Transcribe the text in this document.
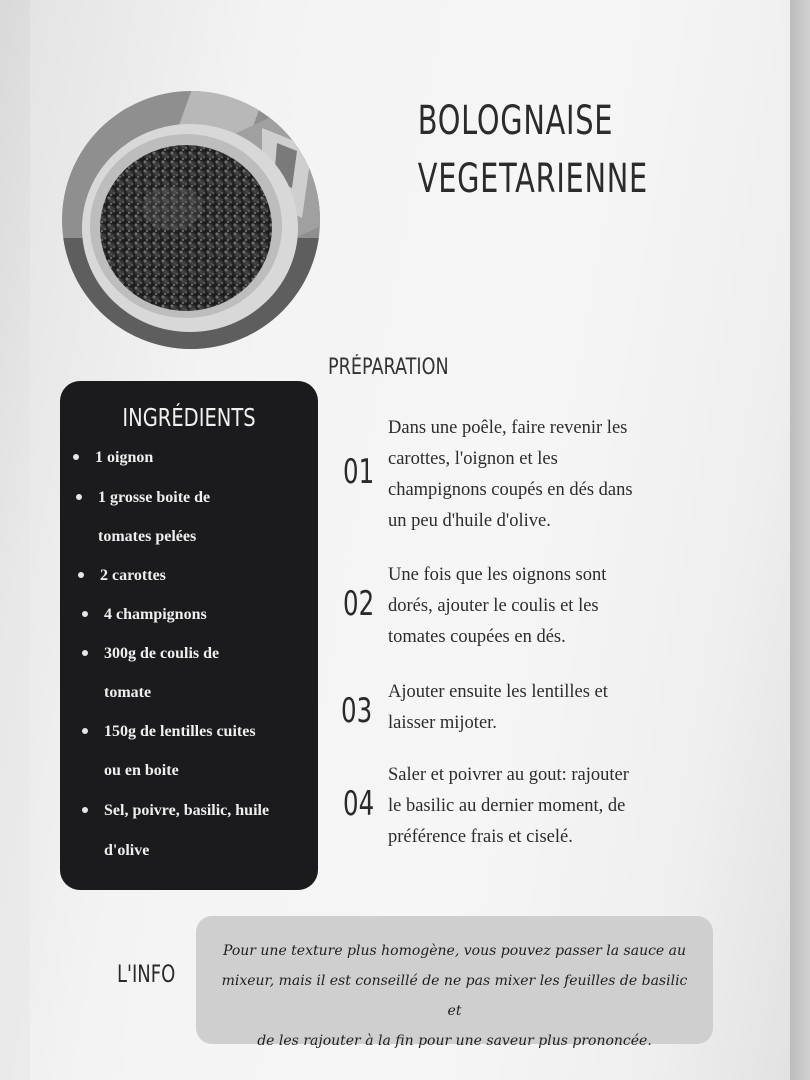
BOLOGNAISE
VEGETARIENNE
PRÉPARATION
INGRÉDIENTS
1 oignon
1 grosse boite de
tomates pelées
2 carottes
4 champignons
300g de coulis de
tomate
150g de lentilles cuites
ou en boite
Sel, poivre, basilic, huile
d'olive
01
Dans une poêle, faire revenir les
carottes, l'oignon et les
champignons coupés en dés dans
un peu d'huile d'olive.
02
Une fois que les oignons sont
dorés, ajouter le coulis et les
tomates coupées en dés.
03 Ajouter ensuite les lentilles et
laisser mijoter.
04
Saler et poivrer au gout: rajouter
le basilic au dernier moment, de
préférence frais et ciselé.
L'INFO
Pour une texture plus homogène, vous pouvez passer la sauce au
mixeur, mais il est conseillé de ne pas mixer les feuilles de basilic et
de les rajouter à la fin pour une saveur plus prononcée.
